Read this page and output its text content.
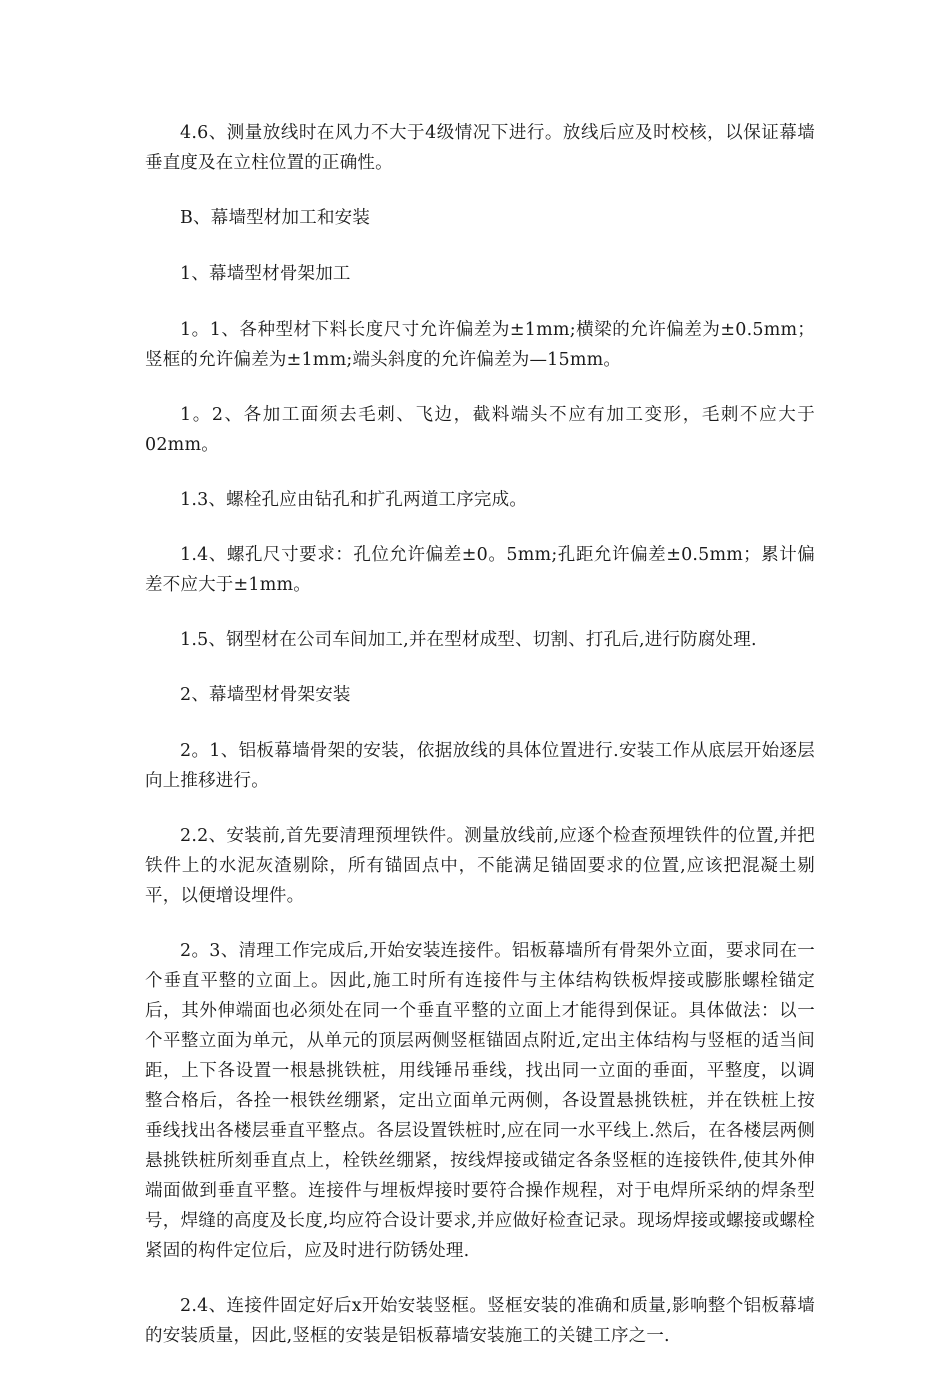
4.6、测量放线时在风力不大于4级情况下进行。放线后应及时校核，以保证幕墙垂直度及在立柱位置的正确性。

B、幕墙型材加工和安装

1、幕墙型材骨架加工

1。1、各种型材下料长度尺寸允许偏差为±1mm;横梁的允许偏差为±0.5mm；竖框的允许偏差为±1mm;端头斜度的允许偏差为—15mm。

1。2、各加工面须去毛刺、飞边，截料端头不应有加工变形，毛刺不应大于02mm。

1.3、螺栓孔应由钻孔和扩孔两道工序完成。

1.4、螺孔尺寸要求：孔位允许偏差±0。5mm;孔距允许偏差±0.5mm；累计偏差不应大于±1mm。

1.5、钢型材在公司车间加工,并在型材成型、切割、打孔后,进行防腐处理.

2、幕墙型材骨架安装

2。1、铝板幕墙骨架的安装，依据放线的具体位置进行.安装工作从底层开始逐层向上推移进行。

2.2、安装前,首先要清理预埋铁件。测量放线前,应逐个检查预埋铁件的位置,并把铁件上的水泥灰渣剔除，所有锚固点中，不能满足锚固要求的位置,应该把混凝土剔平，以便增设埋件。

2。3、清理工作完成后,开始安装连接件。铝板幕墙所有骨架外立面，要求同在一个垂直平整的立面上。因此,施工时所有连接件与主体结构铁板焊接或膨胀螺栓锚定后，其外伸端面也必须处在同一个垂直平整的立面上才能得到保证。具体做法：以一个平整立面为单元，从单元的顶层两侧竖框锚固点附近,定出主体结构与竖框的适当间距，上下各设置一根悬挑铁桩，用线锤吊垂线，找出同一立面的垂面，平整度，以调整合格后，各拴一根铁丝绷紧，定出立面单元两侧，各设置悬挑铁桩，并在铁桩上按垂线找出各楼层垂直平整点。各层设置铁桩时,应在同一水平线上.然后，在各楼层两侧悬挑铁桩所刻垂直点上，栓铁丝绷紧，按线焊接或锚定各条竖框的连接铁件,使其外伸端面做到垂直平整。连接件与埋板焊接时要符合操作规程，对于电焊所采纳的焊条型号，焊缝的高度及长度,均应符合设计要求,并应做好检查记录。现场焊接或螺接或螺栓紧固的构件定位后，应及时进行防锈处理.

2.4、连接件固定好后x开始安装竖框。竖框安装的准确和质量,影响整个铝板幕墙的安装质量，因此,竖框的安装是铝板幕墙安装施工的关键工序之一.
